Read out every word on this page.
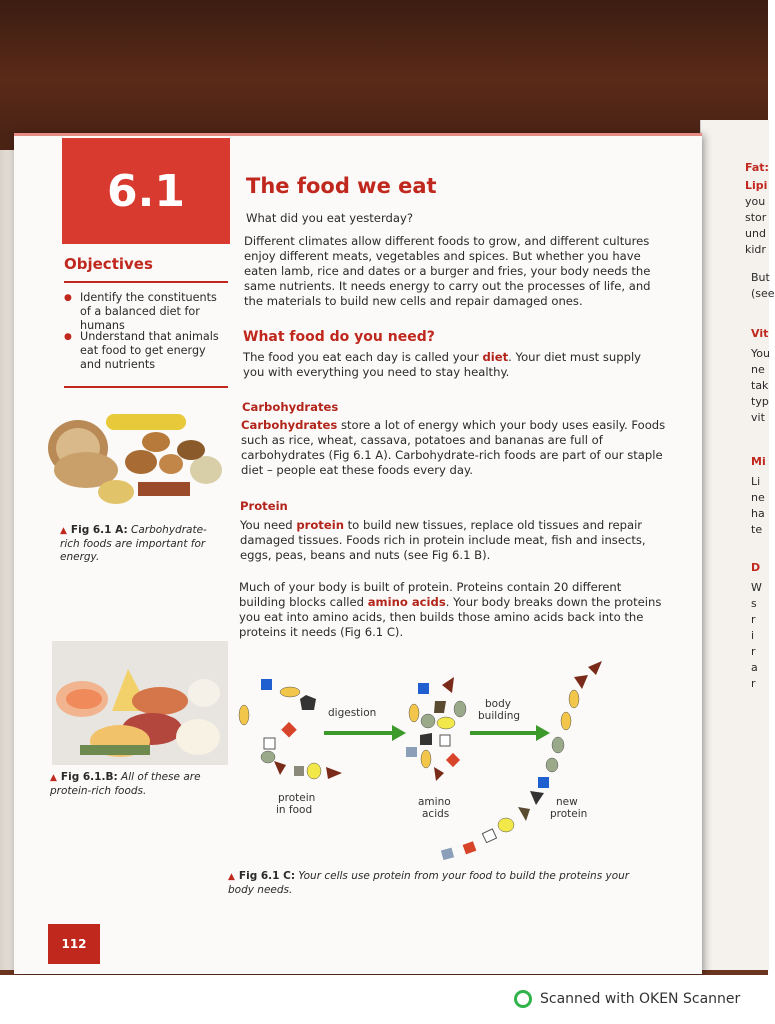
Fat:
Lipi
you
stor
und
kidr
But
(see
Vit
You
ne
tak
typ
vit
Mi
Li
ne
ha
te
D
W
s
r
i
r
a
r
6.1	The food we eat
Objectives
● Identify the constituents of a balanced diet for humans
● Understand that animals eat food to get energy and nutrients
What did you eat yesterday?
Different climates allow different foods to grow, and different cultures enjoy different meats, vegetables and spices. But whether you have eaten lamb, rice and dates or a burger and fries, your body needs the same nutrients. It needs energy to carry out the processes of life, and the materials to build new cells and repair damaged ones.
What food do you need?
The food you eat each day is called your diet. Your diet must supply you with everything you need to stay healthy.
Carbohydrates
Carbohydrates store a lot of energy which your body uses easily. Foods such as rice, wheat, cassava, potatoes and bananas are full of carbohydrates (Fig 6.1 A). Carbohydrate-rich foods are part of our staple diet – people eat these foods every day.
Protein
You need protein to build new tissues, replace old tissues and repair damaged tissues. Foods rich in protein include meat, fish and insects, eggs, peas, beans and nuts (see Fig 6.1 B).
Much of your body is built of protein. Proteins contain 20 different building blocks called amino acids. Your body breaks down the proteins you eat into amino acids, then builds those amino acids back into the proteins it needs (Fig 6.1 C).
▲ Fig 6.1 A: Carbohydrate-rich foods are important for energy.
▲ Fig 6.1.B: All of these are protein-rich foods.
digestion
body
building
protein
in food
amino
acids
new
protein
▲ Fig 6.1 C: Your cells use protein from your food to build the proteins your body needs.
112
Scanned with OKEN Scanner
